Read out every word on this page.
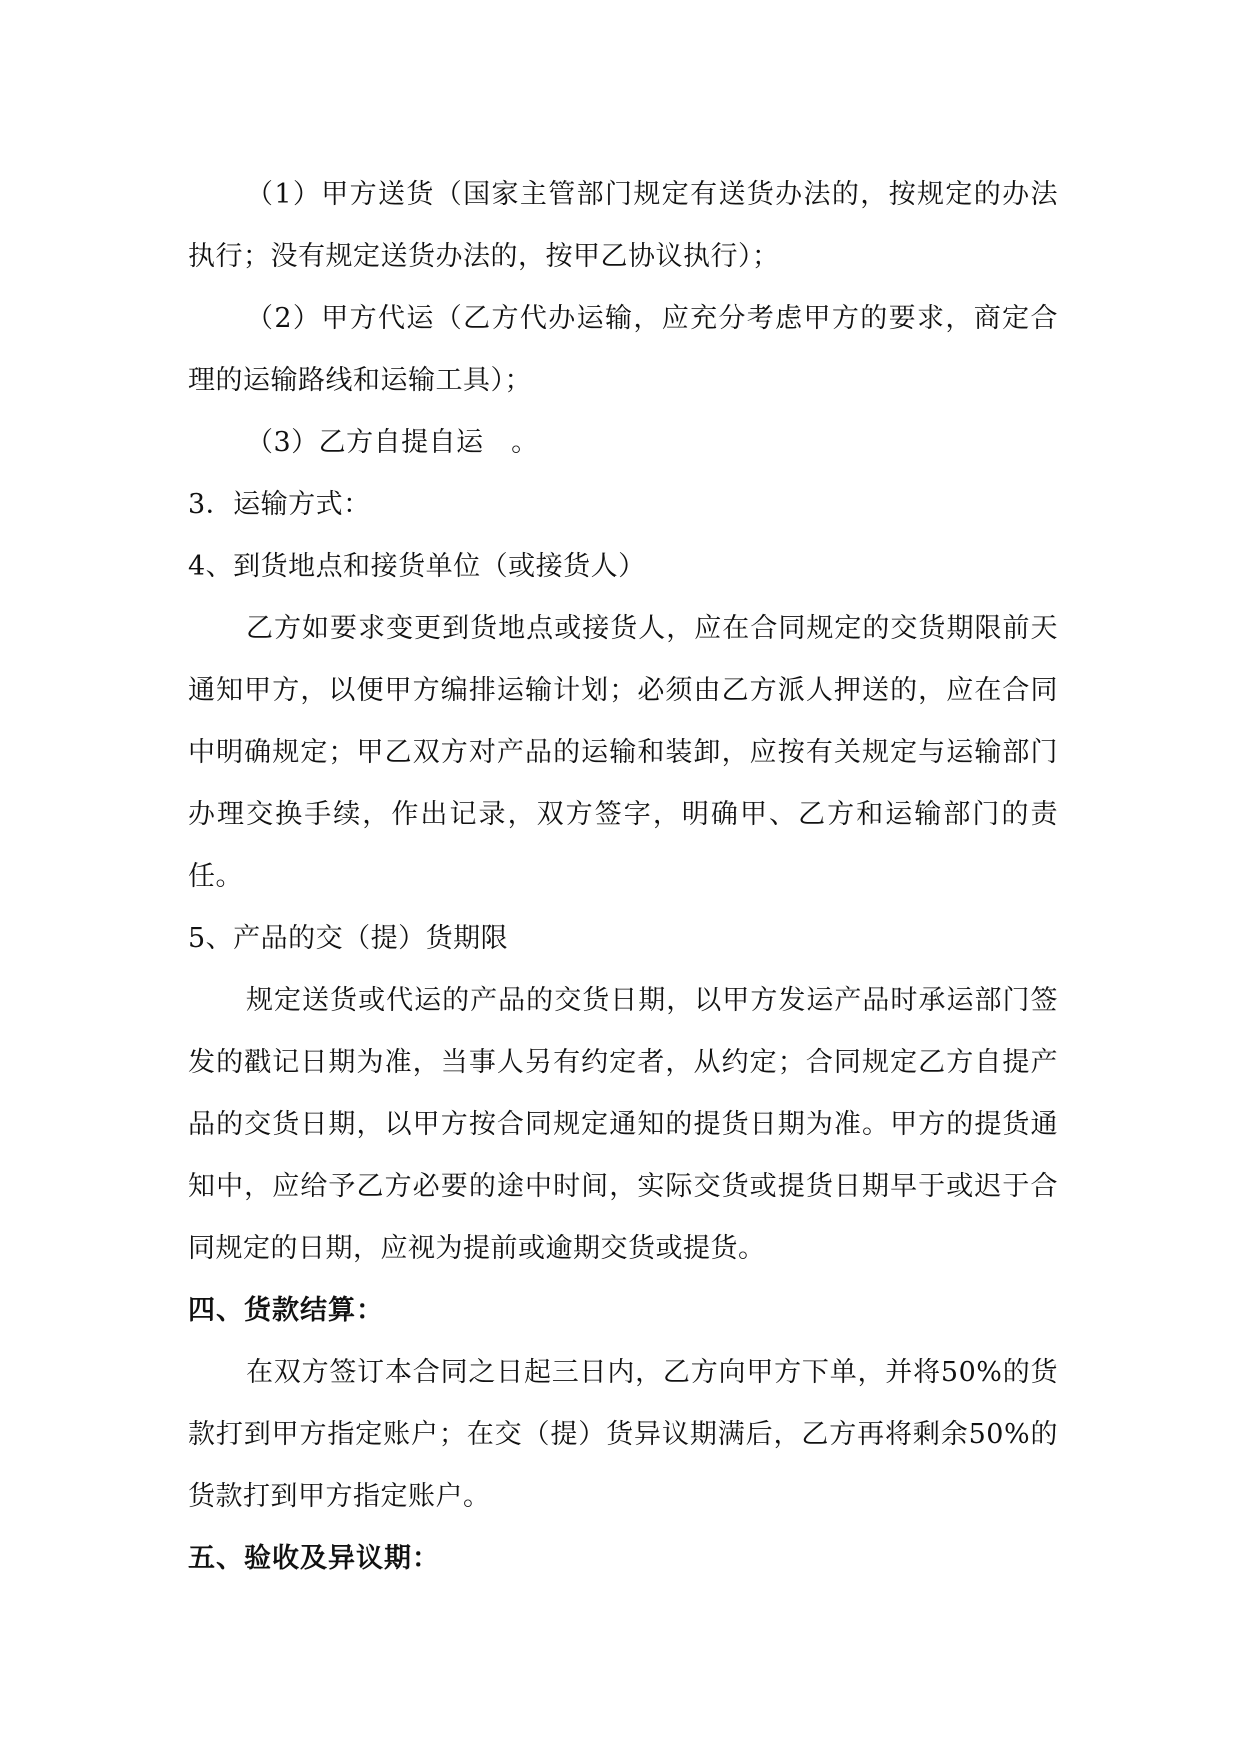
（1）甲方送货（国家主管部门规定有送货办法的，按规定的办法执行；没有规定送货办法的，按甲乙协议执行）；

（2）甲方代运（乙方代办运输，应充分考虑甲方的要求，商定合理的运输路线和运输工具）；

（3）乙方自提自运　。

3．运输方式：

4、到货地点和接货单位（或接货人）

乙方如要求变更到货地点或接货人，应在合同规定的交货期限前天通知甲方，以便甲方编排运输计划；必须由乙方派人押送的，应在合同中明确规定；甲乙双方对产品的运输和装卸，应按有关规定与运输部门办理交换手续，作出记录，双方签字，明确甲、乙方和运输部门的责任。

5、产品的交（提）货期限

规定送货或代运的产品的交货日期，以甲方发运产品时承运部门签发的戳记日期为准，当事人另有约定者，从约定；合同规定乙方自提产品的交货日期，以甲方按合同规定通知的提货日期为准。甲方的提货通知中，应给予乙方必要的途中时间，实际交货或提货日期早于或迟于合同规定的日期，应视为提前或逾期交货或提货。

四、货款结算：

在双方签订本合同之日起三日内，乙方向甲方下单，并将50%的货款打到甲方指定账户；在交（提）货异议期满后，乙方再将剩余50%的货款打到甲方指定账户。

五、验收及异议期：
